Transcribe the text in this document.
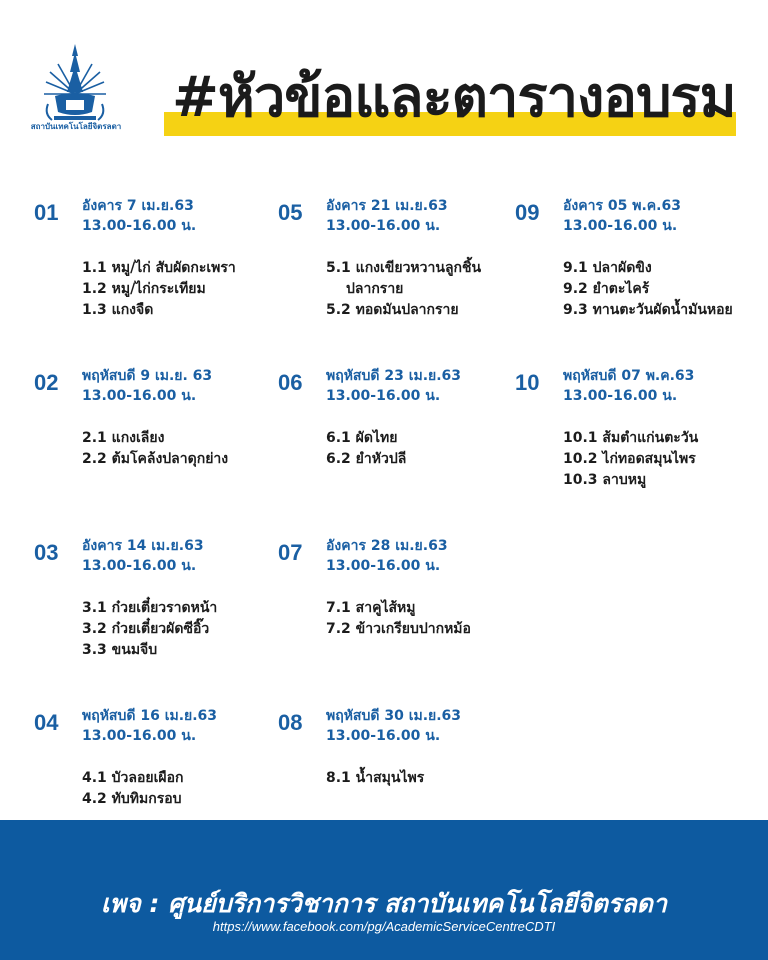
สถาบันเทคโนโลยีจิตรลดา #หัวข้อและตารางอบรม
01 อังคาร 7 เม.ย.63
13.00-16.00 น.
1.1 หมู/ไก่ สับผัดกะเพรา
1.2 หมู/ไก่กระเทียม
1.3 แกงจืด
02 พฤหัสบดี 9 เม.ย. 63
13.00-16.00 น.
2.1 แกงเลียง
2.2 ต้มโคล้งปลาดุกย่าง
03 อังคาร 14 เม.ย.63
13.00-16.00 น.
3.1 ก๋วยเตี๋ยวราดหน้า
3.2 ก๋วยเตี๋ยวผัดซีอิ๊ว
3.3 ขนมจีบ
04 พฤหัสบดี 16 เม.ย.63
13.00-16.00 น.
4.1 บัวลอยเผือก
4.2 ทับทิมกรอบ
05 อังคาร 21 เม.ย.63
13.00-16.00 น.
5.1 แกงเขียวหวานลูกชิ้น
ปลากราย
5.2 ทอดมันปลากราย
06 พฤหัสบดี 23 เม.ย.63
13.00-16.00 น.
6.1 ผัดไทย
6.2 ยำหัวปลี
07 อังคาร 28 เม.ย.63
13.00-16.00 น.
7.1 สาคูไส้หมู
7.2 ข้าวเกรียบปากหม้อ
08 พฤหัสบดี 30 เม.ย.63
13.00-16.00 น.
8.1 น้ำสมุนไพร
09 อังคาร 05 พ.ค.63
13.00-16.00 น.
9.1 ปลาผัดขิง
9.2 ยำตะไคร้
9.3 ทานตะวันผัดน้ำมันหอย
10 พฤหัสบดี 07 พ.ค.63
13.00-16.00 น.
10.1 ส้มตำแก่นตะวัน
10.2 ไก่ทอดสมุนไพร
10.3 ลาบหมู
เพจ : ศูนย์บริการวิชาการ สถาบันเทคโนโลยีจิตรลดา
https://www.facebook.com/pg/AcademicServiceCentreCDTI
